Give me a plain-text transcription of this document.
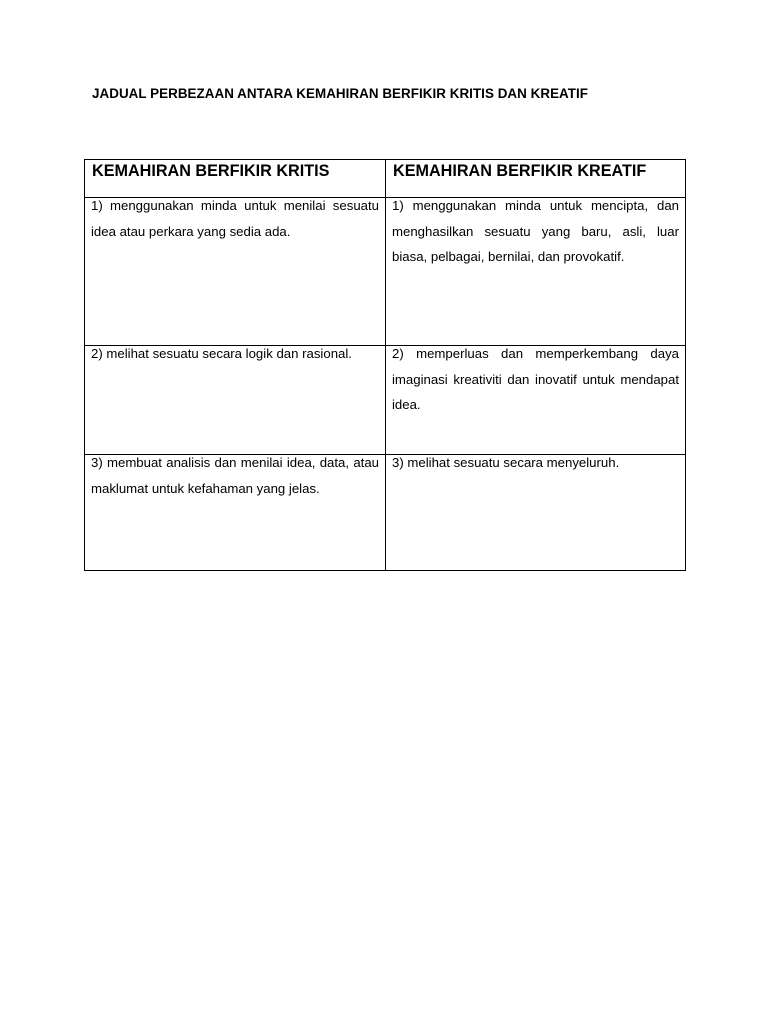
JADUAL PERBEZAAN ANTARA KEMAHIRAN BERFIKIR KRITIS DAN KREATIF
KEMAHIRAN BERFIKIR KRITIS	KEMAHIRAN BERFIKIR KREATIF

1) menggunakan minda untuk menilai sesuatu idea atau perkara yang sedia ada.	1) menggunakan minda untuk mencipta, dan menghasilkan sesuatu yang baru, asli, luar biasa, pelbagai, bernilai, dan provokatif.

2) melihat sesuatu secara logik dan rasional.	2) memperluas dan memperkembang daya imaginasi kreativiti dan inovatif untuk mendapat idea.

3) membuat analisis dan menilai idea, data, atau maklumat untuk kefahaman yang jelas.	3) melihat sesuatu secara menyeluruh.
